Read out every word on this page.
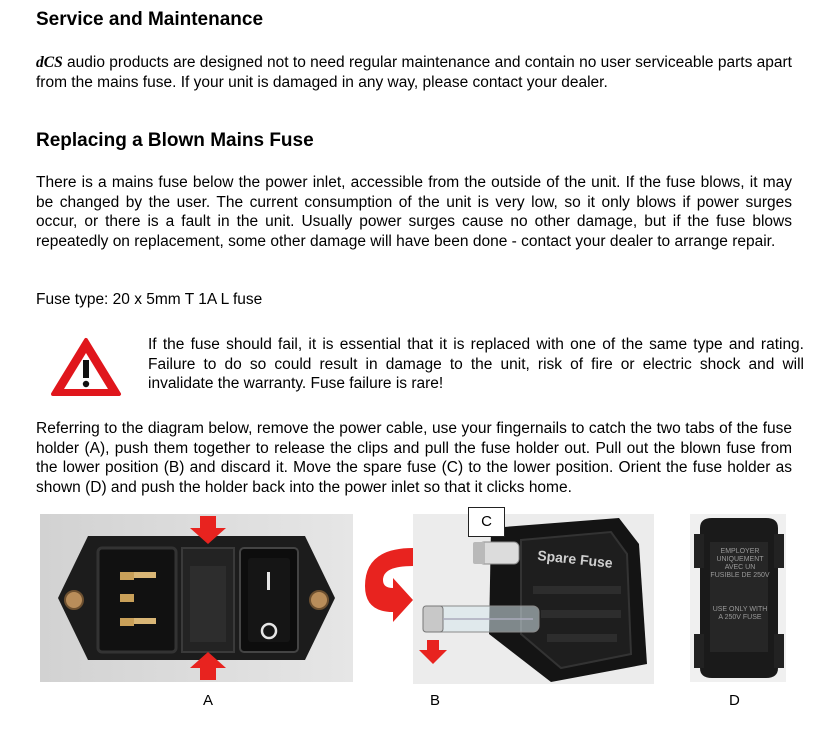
Service and Maintenance

dCS audio products are designed not to need regular maintenance and contain no user serviceable parts apart from the mains fuse. If your unit is damaged in any way, please contact your dealer.

Replacing a Blown Mains Fuse

There is a mains fuse below the power inlet, accessible from the outside of the unit. If the fuse blows, it may be changed by the user. The current consumption of the unit is very low, so it only blows if power surges occur, or there is a fault in the unit. Usually power surges cause no other damage, but if the fuse blows repeatedly on replacement, some other damage will have been done - contact your dealer to arrange repair.

Fuse type: 20 x 5mm T 1A L fuse

If the fuse should fail, it is essential that it is replaced with one of the same type and rating. Failure to do so could result in damage to the unit, risk of fire or electric shock and will invalidate the warranty. Fuse failure is rare!

Referring to the diagram below, remove the power cable, use your fingernails to catch the two tabs of the fuse holder (A), push them together to release the clips and pull the fuse holder out. Pull out the blown fuse from the lower position (B) and discard it. Move the spare fuse (C) to the lower position. Orient the fuse holder as shown (D) and push the holder back into the power inlet so that it clicks home.

A
Spare Fuse
C
B
EMPLOYER UNIQUEMENT AVEC UN FUSIBLE DE 250V
USE ONLY WITH A 250V FUSE
D
